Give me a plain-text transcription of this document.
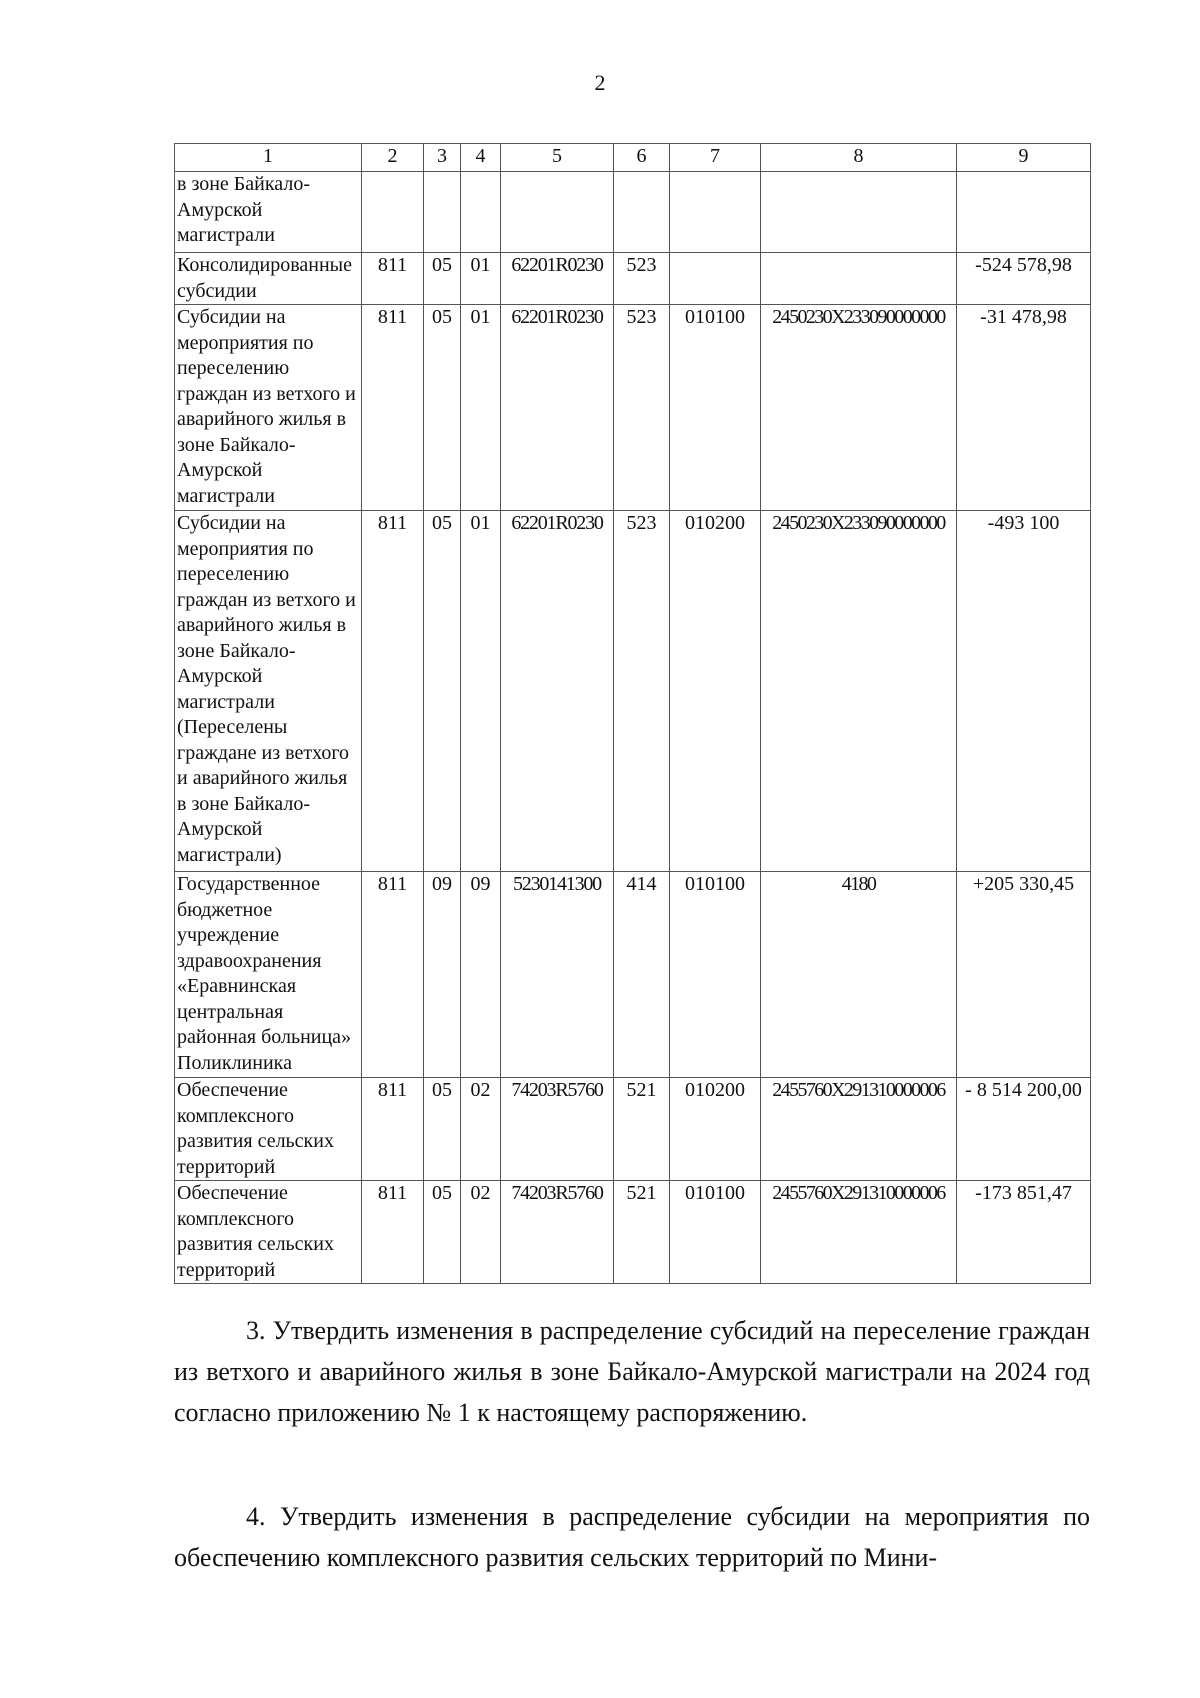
2
1	2	3	4	5	6	7	8	9
в зоне Байкало-Амурской магистрали								
Консолидированные субсидии	811	05	01	62201R0230	523			-524 578,98
Субсидии на мероприятия по переселению граждан из ветхого и аварийного жилья в зоне Байкало-Амурской магистрали	811	05	01	62201R0230	523	010100	2450230Х233090000000	-31 478,98
Субсидии на мероприятия по переселению граждан из ветхого и аварийного жилья в зоне Байкало-Амурской магистрали (Переселены граждане из ветхого и аварийного жилья в зоне Байкало-Амурской магистрали)	811	05	01	62201R0230	523	010200	2450230Х233090000000	-493 100
Государственное бюджетное учреждение здравоохранения «Еравнинская центральная районная больница» Поликлиника	811	09	09	5230141300	414	010100	4180	+205 330,45
Обеспечение комплексного развития сельских территорий	811	05	02	74203R5760	521	010200	2455760Х291310000006	- 8 514 200,00
Обеспечение комплексного развития сельских территорий	811	05	02	74203R5760	521	010100	2455760Х291310000006	-173 851,47

3. Утвердить изменения в распределение субсидий на переселение граждан из ветхого и аварийного жилья в зоне Байкало-Амурской магистрали на 2024 год согласно приложению № 1 к настоящему распоряжению.

4. Утвердить изменения в распределение субсидии на мероприятия по обеспечению комплексного развития сельских территорий по Мини-
